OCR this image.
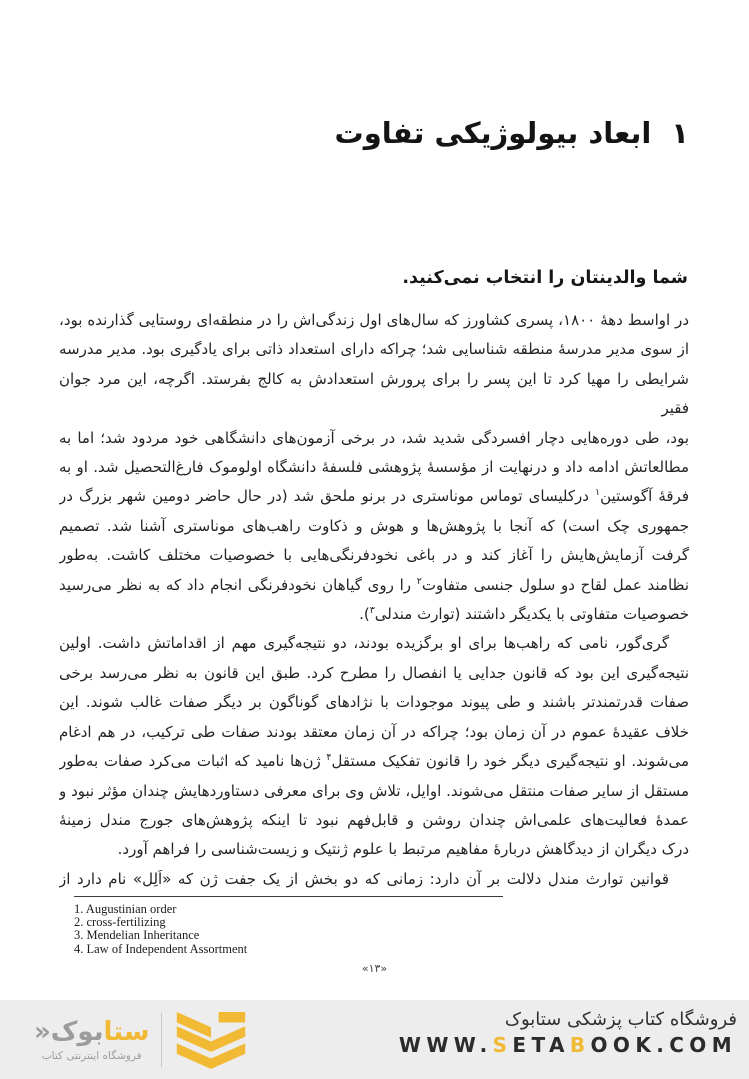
۱ابعاد بیولوژیکی تفاوت
شما والدینتان را انتخاب نمی‌کنید.
در اواسط دهۀ ۱۸۰۰، پسری کشاورز که سال‌های اول زندگی‌اش را در منطقه‌ای روستایی گذارنده بود،
از سوی مدیر مدرسۀ منطقه شناسایی شد؛ چراکه دارای استعداد ذاتی برای یادگیری بود. مدیر مدرسه
شرایطی را مهیا کرد تا این پسر را برای پرورش استعدادش به کالج بفرستد. اگرچه، این مرد جوان فقیر
بود، طی دوره‌هایی دچار افسردگی شدید شد، در برخی آزمون‌های دانشگاهی خود مردود شد؛ اما به
مطالعاتش ادامه داد و درنهایت از مؤسسۀ پژوهشی فلسفۀ دانشگاه اولوموک فارغ‌التحصیل شد. او به
فرقۀ آگوستین$^۱$ درکلیسای توماس موناستری در برنو ملحق شد (در حال حاضر دومین شهر بزرگ در
جمهوری چک است) که آنجا با پژوهش‌ها و هوش و ذکاوت راهب‌های موناستری آشنا شد. تصمیم
گرفت آزمایش‌هایش را آغاز کند و در باغی نخودفرنگی‌هایی با خصوصیات مختلف کاشت. به‌طور
نظامند عمل لقاح دو سلول جنسی متفاوت$^۲$ را روی گیاهان نخودفرنگی انجام داد که به نظر می‌رسید
خصوصیات متفاوتی با یکدیگر داشتند (توارث مندلی$^۳$).
گری‌گور، نامی که راهب‌ها برای او برگزیده بودند، دو نتیجه‌گیری مهم از اقداماتش داشت. اولین
نتیجه‌گیری این بود که قانون جدایی یا انفصال را مطرح کرد. طبق این قانون به نظر می‌رسد برخی
صفات قدرتمندتر باشند و طی پیوند موجودات با نژادهای گوناگون بر دیگر صفات غالب شوند. این
خلاف عقیدۀ عموم در آن زمان بود؛ چراکه در آن زمان معتقد بودند صفات طی ترکیب، در هم ادغام
می‌شوند. او نتیجه‌گیری دیگر خود را قانون تفکیک مستقل$^۴$ ژن‌ها نامید که اثبات می‌کرد صفات به‌طور
مستقل از سایر صفات منتقل می‌شوند. اوایل، تلاش وی برای معرفی دستاوردهایش چندان مؤثر نبود و
عمدۀ فعالیت‌های علمی‌اش چندان روشن و قابل‌فهم نبود تا اینکه پژوهش‌های جورج مندل زمینۀ
درک دیگران از دیدگاهش دربارۀ مفاهیم مرتبط با علوم ژنتیک و زیست‌شناسی را فراهم آورد.
قوانین توارث مندل دلالت بر آن دارد: زمانی که دو بخش از یک جفت ژن که «اَلِل» نام دارد از
1. Augustinian order
2. cross-fertilizing
3. Mendelian Inheritance
4. Law of Independent Assortment
«۱۳»
ستابوک«
فروشگاه اینترنتی کتاب
فروشگاه کتاب پزشکی ستابوک
WWW.SETABOOK.COM
